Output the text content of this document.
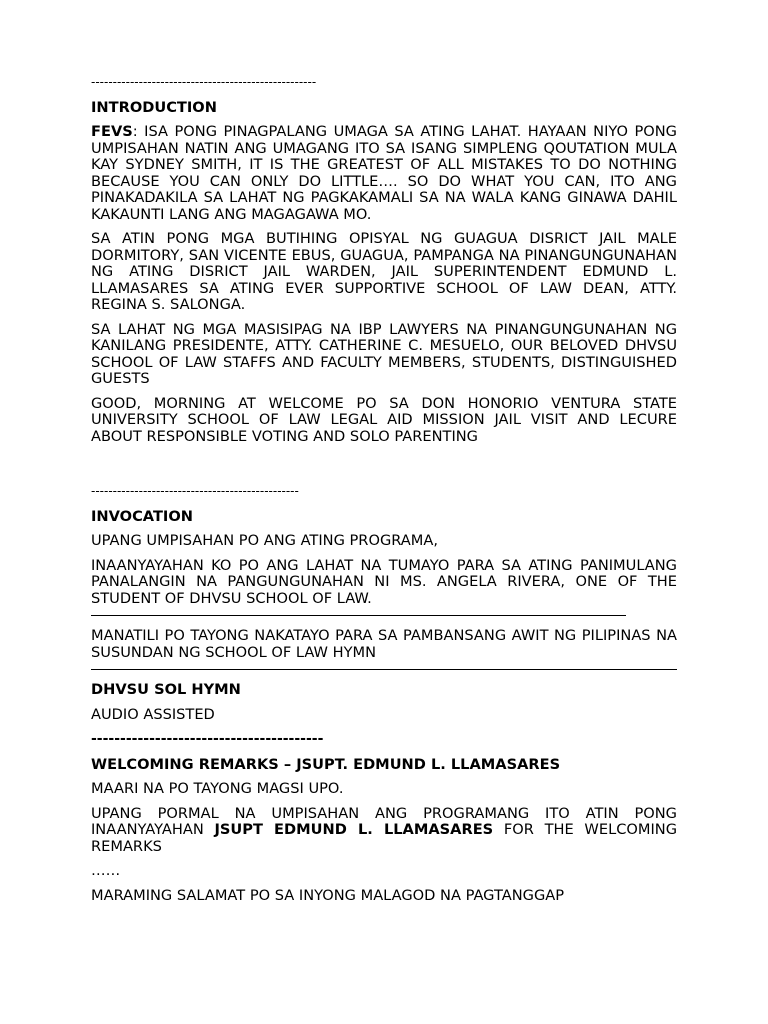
----------------------------------------------------
INTRODUCTION

FEVS: ISA PONG PINAGPALANG UMAGA SA ATING LAHAT. HAYAAN NIYO PONG UMPISAHAN NATIN ANG UMAGANG ITO SA ISANG SIMPLENG QOUTATION MULA KAY SYDNEY SMITH, IT IS THE GREATEST OF ALL MISTAKES TO DO NOTHING BECAUSE YOU CAN ONLY DO LITTLE…. SO DO WHAT YOU CAN, ITO ANG PINAKADAKILA SA LAHAT NG PAGKAKAMALI SA NA WALA KANG GINAWA DAHIL KAKAUNTI LANG ANG MAGAGAWA MO.

SA ATIN PONG MGA BUTIHING OPISYAL NG GUAGUA DISRICT JAIL MALE DORMITORY, SAN VICENTE EBUS, GUAGUA, PAMPANGA NA PINANGUNGUNAHAN NG ATING DISRICT JAIL WARDEN, JAIL SUPERINTENDENT EDMUND L. LLAMASARES SA ATING EVER SUPPORTIVE SCHOOL OF LAW DEAN, ATTY. REGINA S. SALONGA.

SA LAHAT NG MGA MASISIPAG NA IBP LAWYERS NA PINANGUNGUNAHAN NG KANILANG PRESIDENTE, ATTY. CATHERINE C. MESUELO, OUR BELOVED DHVSU SCHOOL OF LAW STAFFS AND FACULTY MEMBERS, STUDENTS, DISTINGUISHED GUESTS

GOOD, MORNING AT WELCOME PO SA DON HONORIO VENTURA STATE UNIVERSITY SCHOOL OF LAW LEGAL AID MISSION JAIL VISIT AND LECURE ABOUT RESPONSIBLE VOTING AND SOLO PARENTING

------------------------------------------------
INVOCATION

UPANG UMPISAHAN PO ANG ATING PROGRAMA,

INAANYAYAHAN KO PO ANG LAHAT NA TUMAYO PARA SA ATING PANIMULANG PANALANGIN NA PANGUNGUNAHAN NI MS. ANGELA RIVERA, ONE OF THE STUDENT OF DHVSU SCHOOL OF LAW.

MANATILI PO TAYONG NAKATAYO PARA SA PAMBANSANG AWIT NG PILIPINAS NA SUSUNDAN NG SCHOOL OF LAW HYMN

DHVSU SOL HYMN

AUDIO ASSISTED

----------------------------------------
WELCOMING REMARKS – JSUPT. EDMUND L. LLAMASARES

MAARI NA PO TAYONG MAGSI UPO.

UPANG PORMAL NA UMPISAHAN ANG PROGRAMANG ITO ATIN PONG INAANYAYAHAN JSUPT EDMUND L. LLAMASARES FOR THE WELCOMING REMARKS

……

MARAMING SALAMAT PO SA INYONG MALAGOD NA PAGTANGGAP
